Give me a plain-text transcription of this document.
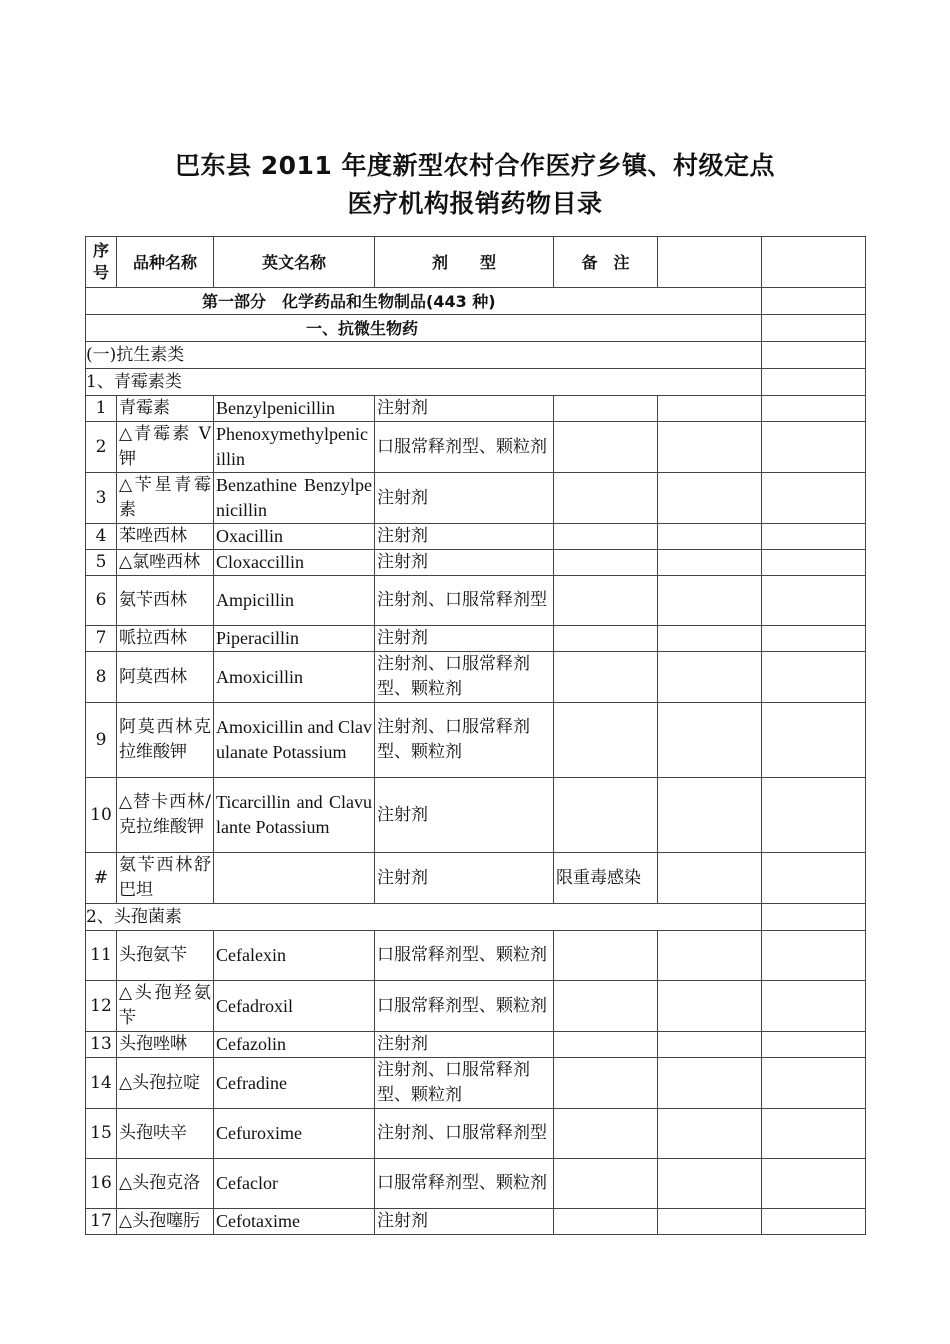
巴东县 2011 年度新型农村合作医疗乡镇、村级定点
医疗机构报销药物目录
序号	品种名称	英文名称	剂　　型	备　注		
第一部分　化学药品和生物制品(443 种)						
一、抗微生物药						
(一)抗生素类						
1、青霉素类						
1	青霉素	Benzylpenicillin	注射剂			
2	△青霉素 V钾	Phenoxymethylpenicillin	口服常释剂型、颗粒剂			
3	△苄星青霉素	Benzathine Benzylpenicillin	注射剂			
4	苯唑西林	Oxacillin	注射剂			
5	△氯唑西林	Cloxaccillin	注射剂			
6	氨苄西林	Ampicillin	注射剂、口服常释剂型			
7	哌拉西林	Piperacillin	注射剂			
8	阿莫西林	Amoxicillin	注射剂、口服常释剂型、颗粒剂			
9	阿莫西林克拉维酸钾	Amoxicillin and Clavulanate Potassium	注射剂、口服常释剂型、颗粒剂			
10	△替卡西林/克拉维酸钾	Ticarcillin and Clavulante Potassium	注射剂			
#	氨苄西林舒巴坦		注射剂	限重毒感染		
2、头孢菌素						
11	头孢氨苄	Cefalexin	口服常释剂型、颗粒剂			
12	△头孢羟氨苄	Cefadroxil	口服常释剂型、颗粒剂			
13	头孢唑啉	Cefazolin	注射剂			
14	△头孢拉啶	Cefradine	注射剂、口服常释剂型、颗粒剂			
15	头孢呋辛	Cefuroxime	注射剂、口服常释剂型			
16	△头孢克洛	Cefaclor	口服常释剂型、颗粒剂			
17	△头孢噻肟	Cefotaxime	注射剂			
